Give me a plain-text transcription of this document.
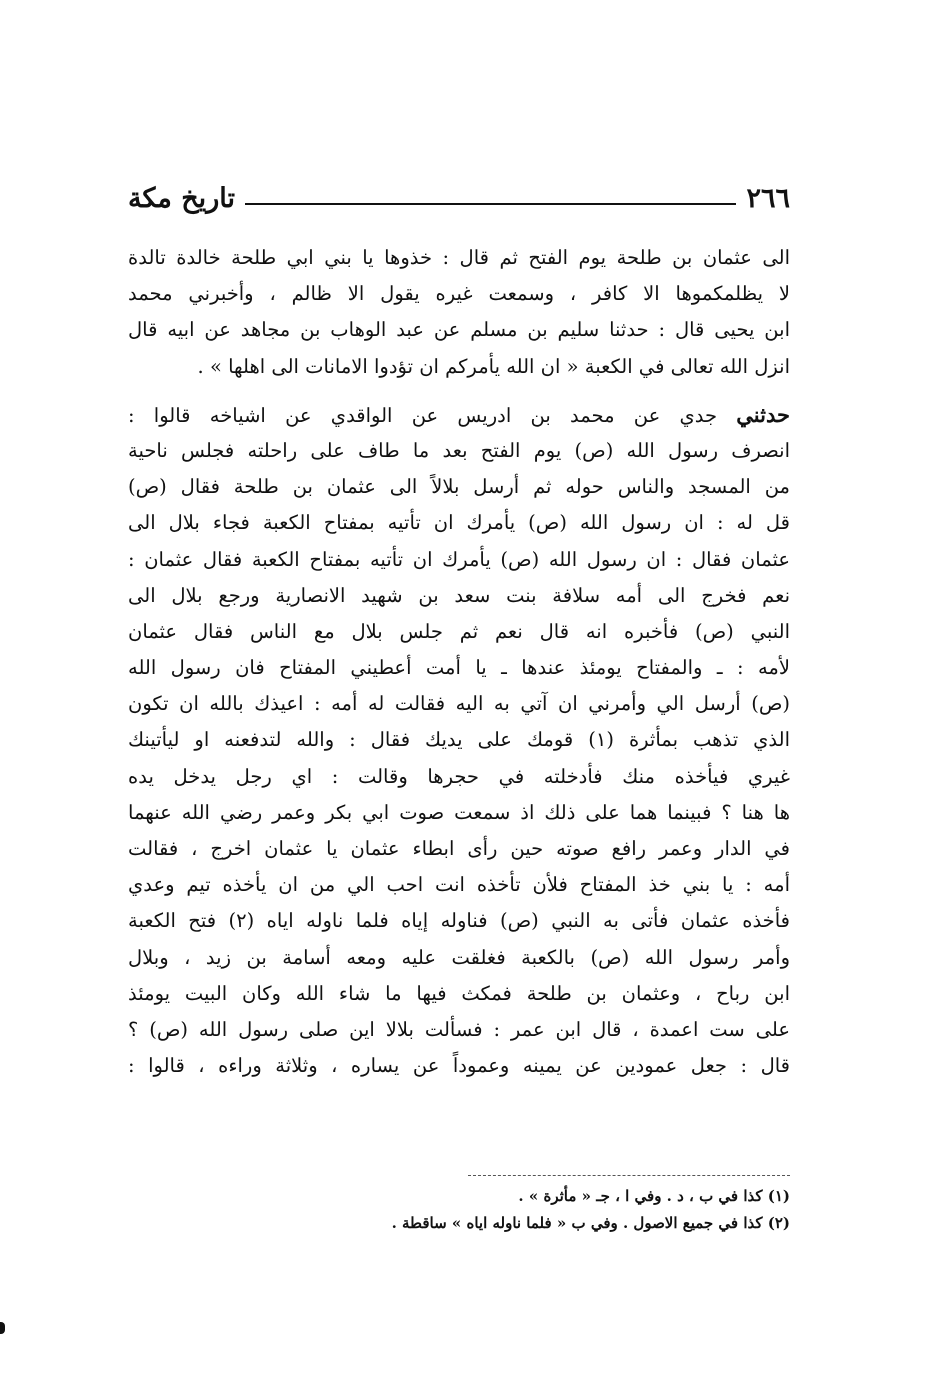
٢٦٦
تاريخ مكة
الى عثمان بن طلحة يوم الفتح ثم قال : خذوها يا بني ابي طلحة خالدة تالدة
لا يظلمكموها الا كافر ، وسمعت غيره يقول الا ظالم ، وأخبرني محمد
ابن يحيى قال : حدثنا سليم بن مسلم عن عبد الوهاب بن مجاهد عن ابيه قال
انزل الله تعالى في الكعبة « ان الله يأمركم ان تؤدوا الامانات الى اهلها » .
حدثني جدي عن محمد بن ادريس عن الواقدي عن اشياخه قالوا :
انصرف رسول الله (ص) يوم الفتح بعد ما طاف على راحلته فجلس ناحية
من المسجد والناس حوله ثم أرسل بلالاً الى عثمان بن طلحة فقال (ص)
قل له : ان رسول الله (ص) يأمرك ان تأتيه بمفتاح الكعبة فجاء بلال الى
عثمان فقال : ان رسول الله (ص) يأمرك ان تأتيه بمفتاح الكعبة فقال عثمان :
نعم فخرج الى أمه سلافة بنت سعد بن شهيد الانصارية ورجع بلال الى
النبي (ص) فأخبره انه قال نعم ثم جلس بلال مع الناس فقال عثمان
لأمه : ـ والمفتاح يومئذ عندها ـ يا أمت أعطيني المفتاح فان رسول الله
(ص) أرسل الي وأمرني ان آتي به اليه فقالت له أمه : اعيذك بالله ان تكون
الذي تذهب بمأثرة (١) قومك على يديك فقال : والله لتدفعنه او ليأتينك
غيري فيأخذه منك فأدخلته في حجرها وقالت : اي رجل يدخل يده
ها هنا ؟ فبينما هما على ذلك اذ سمعت صوت ابي بكر وعمر رضي الله عنهما
في الدار وعمر رافع صوته حين رأى ابطاء عثمان يا عثمان اخرج ، فقالت
أمه : يا بني خذ المفتاح فلأن تأخذه انت احب الي من ان يأخذه تيم وعدي
فأخذه عثمان فأتى به النبي (ص) فناوله إياه فلما ناوله اياه (٢) فتح الكعبة
وأمر رسول الله (ص) بالكعبة فغلقت عليه ومعه أسامة بن زيد ، وبلال
ابن رباح ، وعثمان بن طلحة فمكث فيها ما شاء الله وكان البيت يومئذ
على ست اعمدة ، قال ابن عمر : فسألت بلالا اين صلى رسول الله (ص) ؟
قال : جعل عمودين عن يمينه وعموداً عن يساره ، وثلاثة وراءه ، قالوا :
(١) كذا في ب ، د . وفي ا ، جـ « مأثرة » .
(٢) كذا في جميع الاصول . وفي ب « فلما ناوله اياه » ساقطة .
